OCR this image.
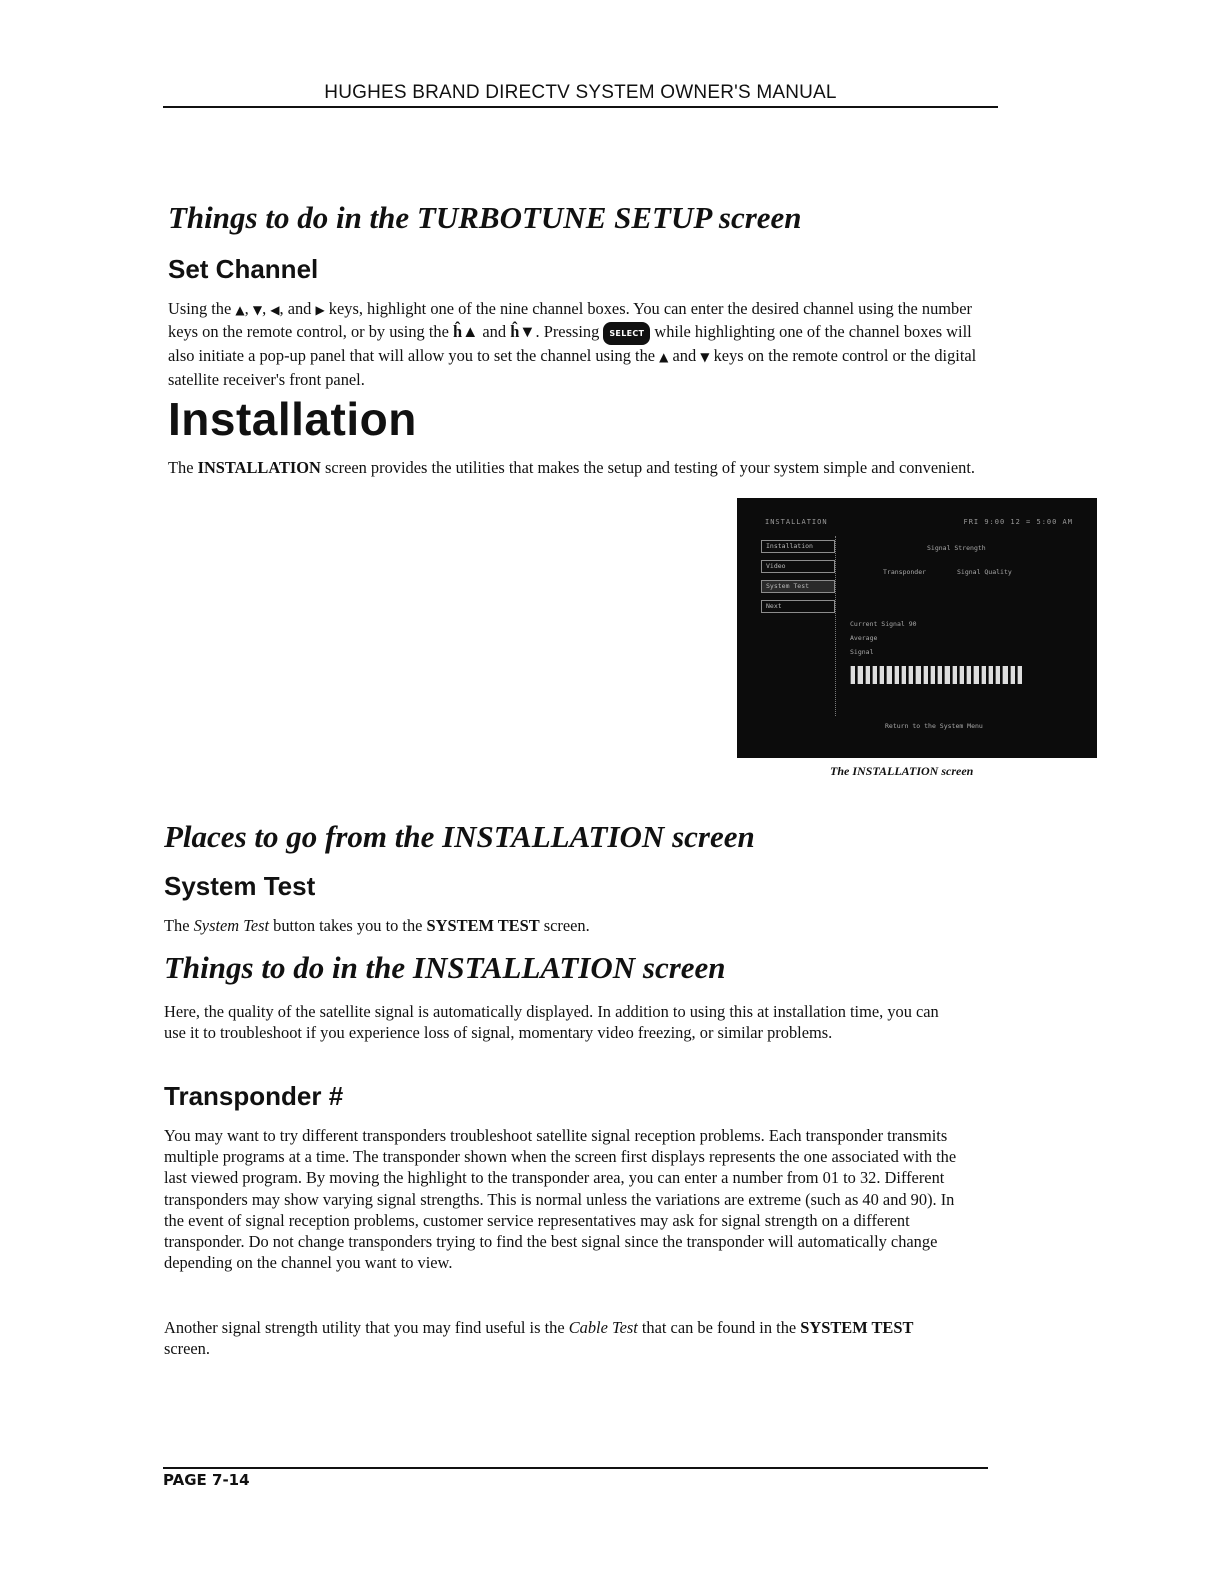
HUGHES BRAND DIRECTV SYSTEM OWNER'S MANUAL
Things to do in the TURBOTUNE SETUP screen
Set Channel
Using the ▲, ▼, ◀, and ▶ keys, highlight one of the nine channel boxes. You can enter the desired channel using the number keys on the remote control, or by using the ĥ▲ and ĥ▼. Pressing SELECT while highlighting one of the channel boxes will also initiate a pop-up panel that will allow you to set the channel using the ▲ and ▼ keys on the remote control or the digital satellite receiver's front panel.
Installation
The INSTALLATION screen provides the utilities that makes the setup and testing of your system simple and convenient.
INSTALLATION	FRI 9:00 12 = 5:00 AM
Installation
Video
System Test
Next
Signal Strength
Transponder	Signal Quality
Current Signal 90
Average
Signal
Return to the System Menu
The INSTALLATION screen
Places to go from the INSTALLATION screen
System Test
The System Test button takes you to the SYSTEM TEST screen.
Things to do in the INSTALLATION screen
Here, the quality of the satellite signal is automatically displayed. In addition to using this at installation time, you can use it to troubleshoot if you experience loss of signal, momentary video freezing, or similar problems.
Transponder #
You may want to try different transponders troubleshoot satellite signal reception problems. Each transponder transmits multiple programs at a time. The transponder shown when the screen first displays represents the one associated with the last viewed program. By moving the highlight to the transponder area, you can enter a number from 01 to 32. Different transponders may show varying signal strengths. This is normal unless the variations are extreme (such as 40 and 90). In the event of signal reception problems, customer service representatives may ask for signal strength on a different transponder. Do not change transponders trying to find the best signal since the transponder will automatically change depending on the channel you want to view.
Another signal strength utility that you may find useful is the Cable Test that can be found in the SYSTEM TEST screen.
PAGE 7-14
